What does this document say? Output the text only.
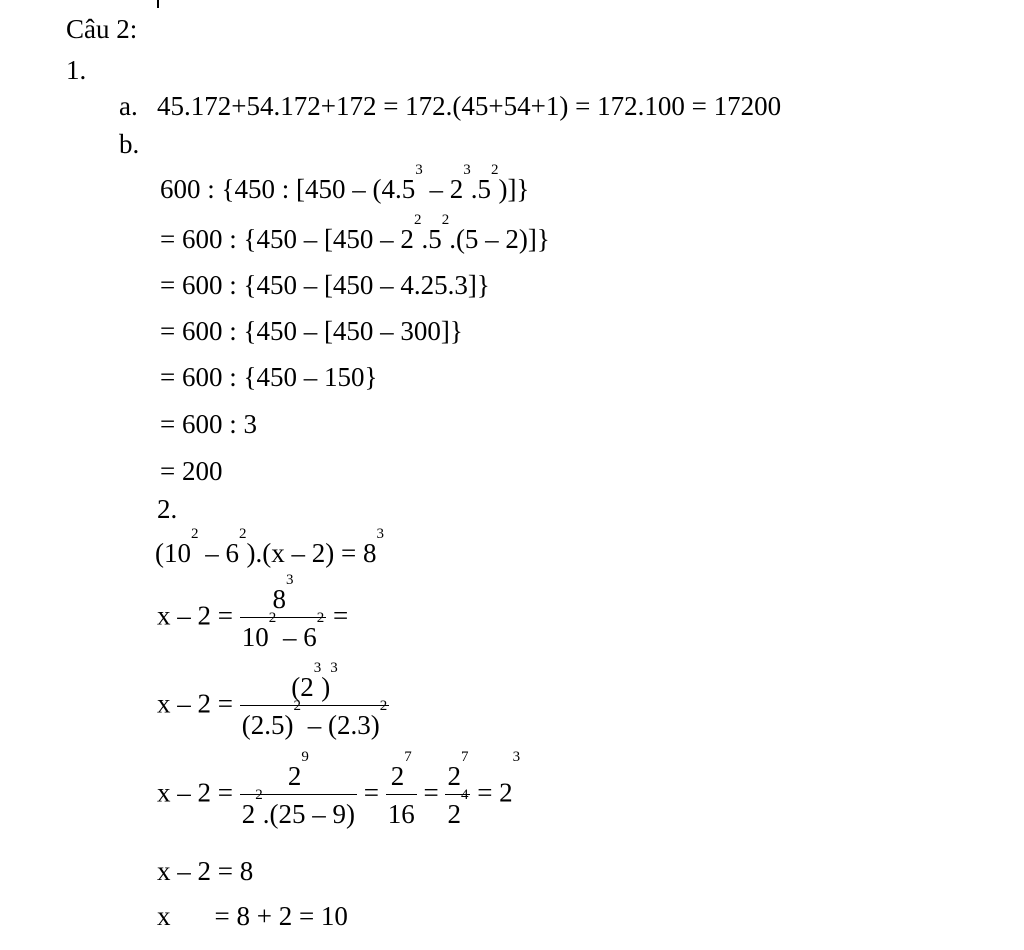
Câu 2:
1.
a. 45.172+54.172+172 = 172.(45+54+1) = 172.100 = 17200
b.
600 : {450 : $[450 - (4.5^3 - 2^3.5^2)]$}
= 600 : $\{450 - [450 - 2^2.5^2.(5 - 2)]\}$
= 600 : {450 – [450 – 4.25.3]}
= 600 : {450 – [450 – 300]}
= 600 : {450 – 150}
= 600 : 3
= 200
2.
$(10^2 - 6^2).(x - 2) = 8^3$
$x - 2 = \frac{8^3}{10^2 - 6^2}$ =
$x - 2 = \frac{(2^3)^3}{(2.5)^2 - (2.3)^2}$
$x - 2 = \frac{2^9}{2^2.(25 - 9)} = \frac{2^7}{16} = \frac{2^7}{2^4} = 2^3$
x – 2 = 8
x = 8 + 2 = 10
